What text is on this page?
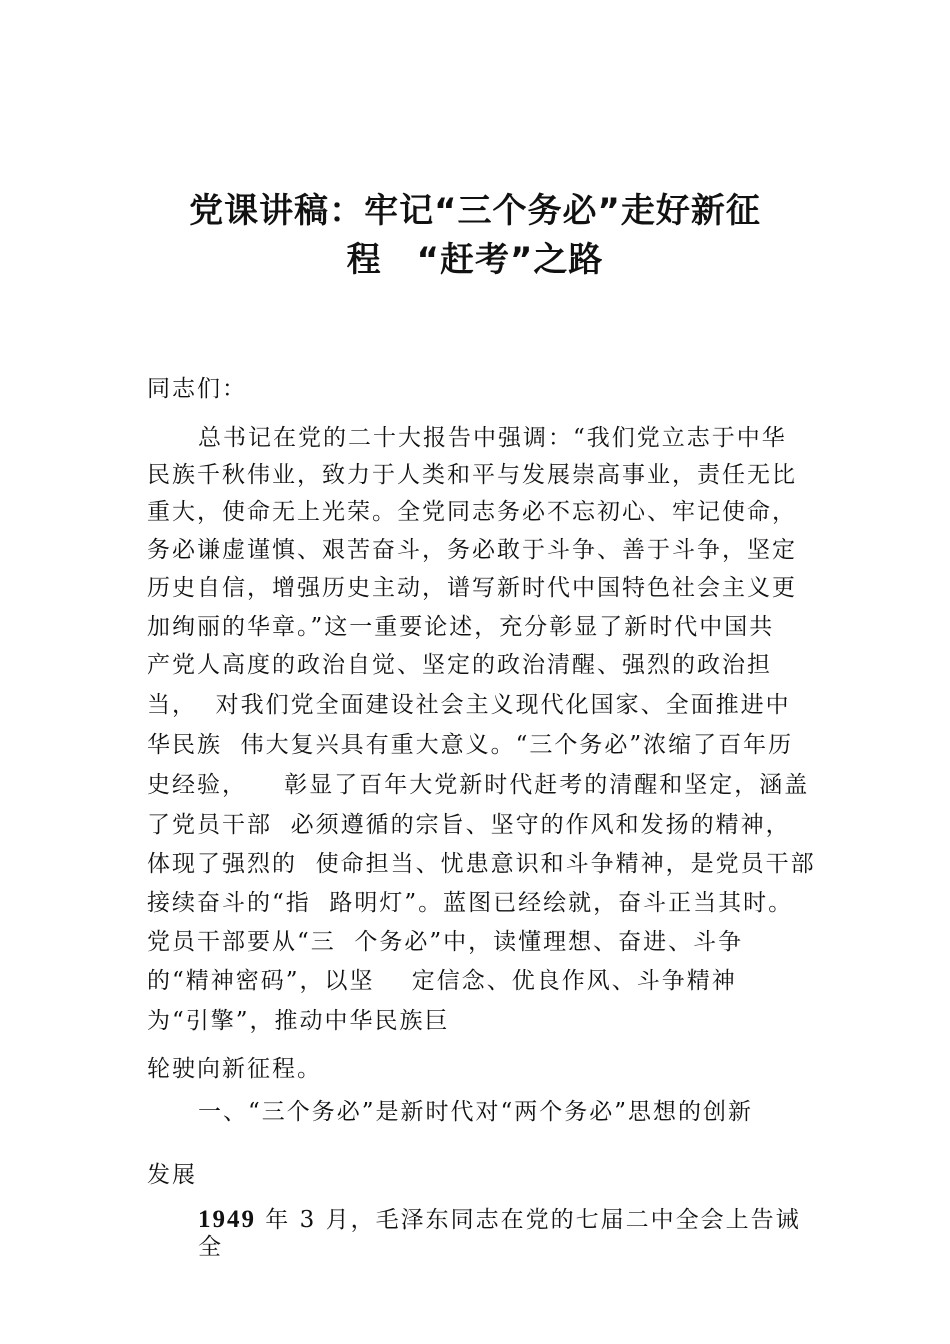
党课讲稿：牢记“三个务必”走好新征
程　“赶考”之路

同志们：

总书记在党的二十大报告中强调：“我们党立志于中华

民族千秋伟业，致力于人类和平与发展崇高事业，责任无比

重大，使命无上光荣。全党同志务必不忘初心、牢记使命，

务必谦虚谨慎、艰苦奋斗，务必敢于斗争、善于斗争，坚定

历史自信，增强历史主动，谱写新时代中国特色社会主义更

加绚丽的华章。”这一重要论述，充分彰显了新时代中国共

产党人高度的政治自觉、坚定的政治清醒、强烈的政治担

当，  对我们党全面建设社会主义现代化国家、全面推进中

华民族  伟大复兴具有重大意义。“三个务必”浓缩了百年历

史经验，    彰显了百年大党新时代赶考的清醒和坚定，涵盖

了党员干部  必须遵循的宗旨、坚守的作风和发扬的精神，

体现了强烈的  使命担当、忧患意识和斗争精神，是党员干部

接续奋斗的“指  路明灯”。蓝图已经绘就，奋斗正当其时。

党员干部要从“三  个务必”中，读懂理想、奋进、斗争

的“精神密码”，以坚    定信念、优良作风、斗争精神

为“引擎”，推动中华民族巨

轮驶向新征程。

一、“三个务必”是新时代对“两个务必”思想的创新

发展

1949 年 3 月，毛泽东同志在党的七届二中全会上告诫

全
